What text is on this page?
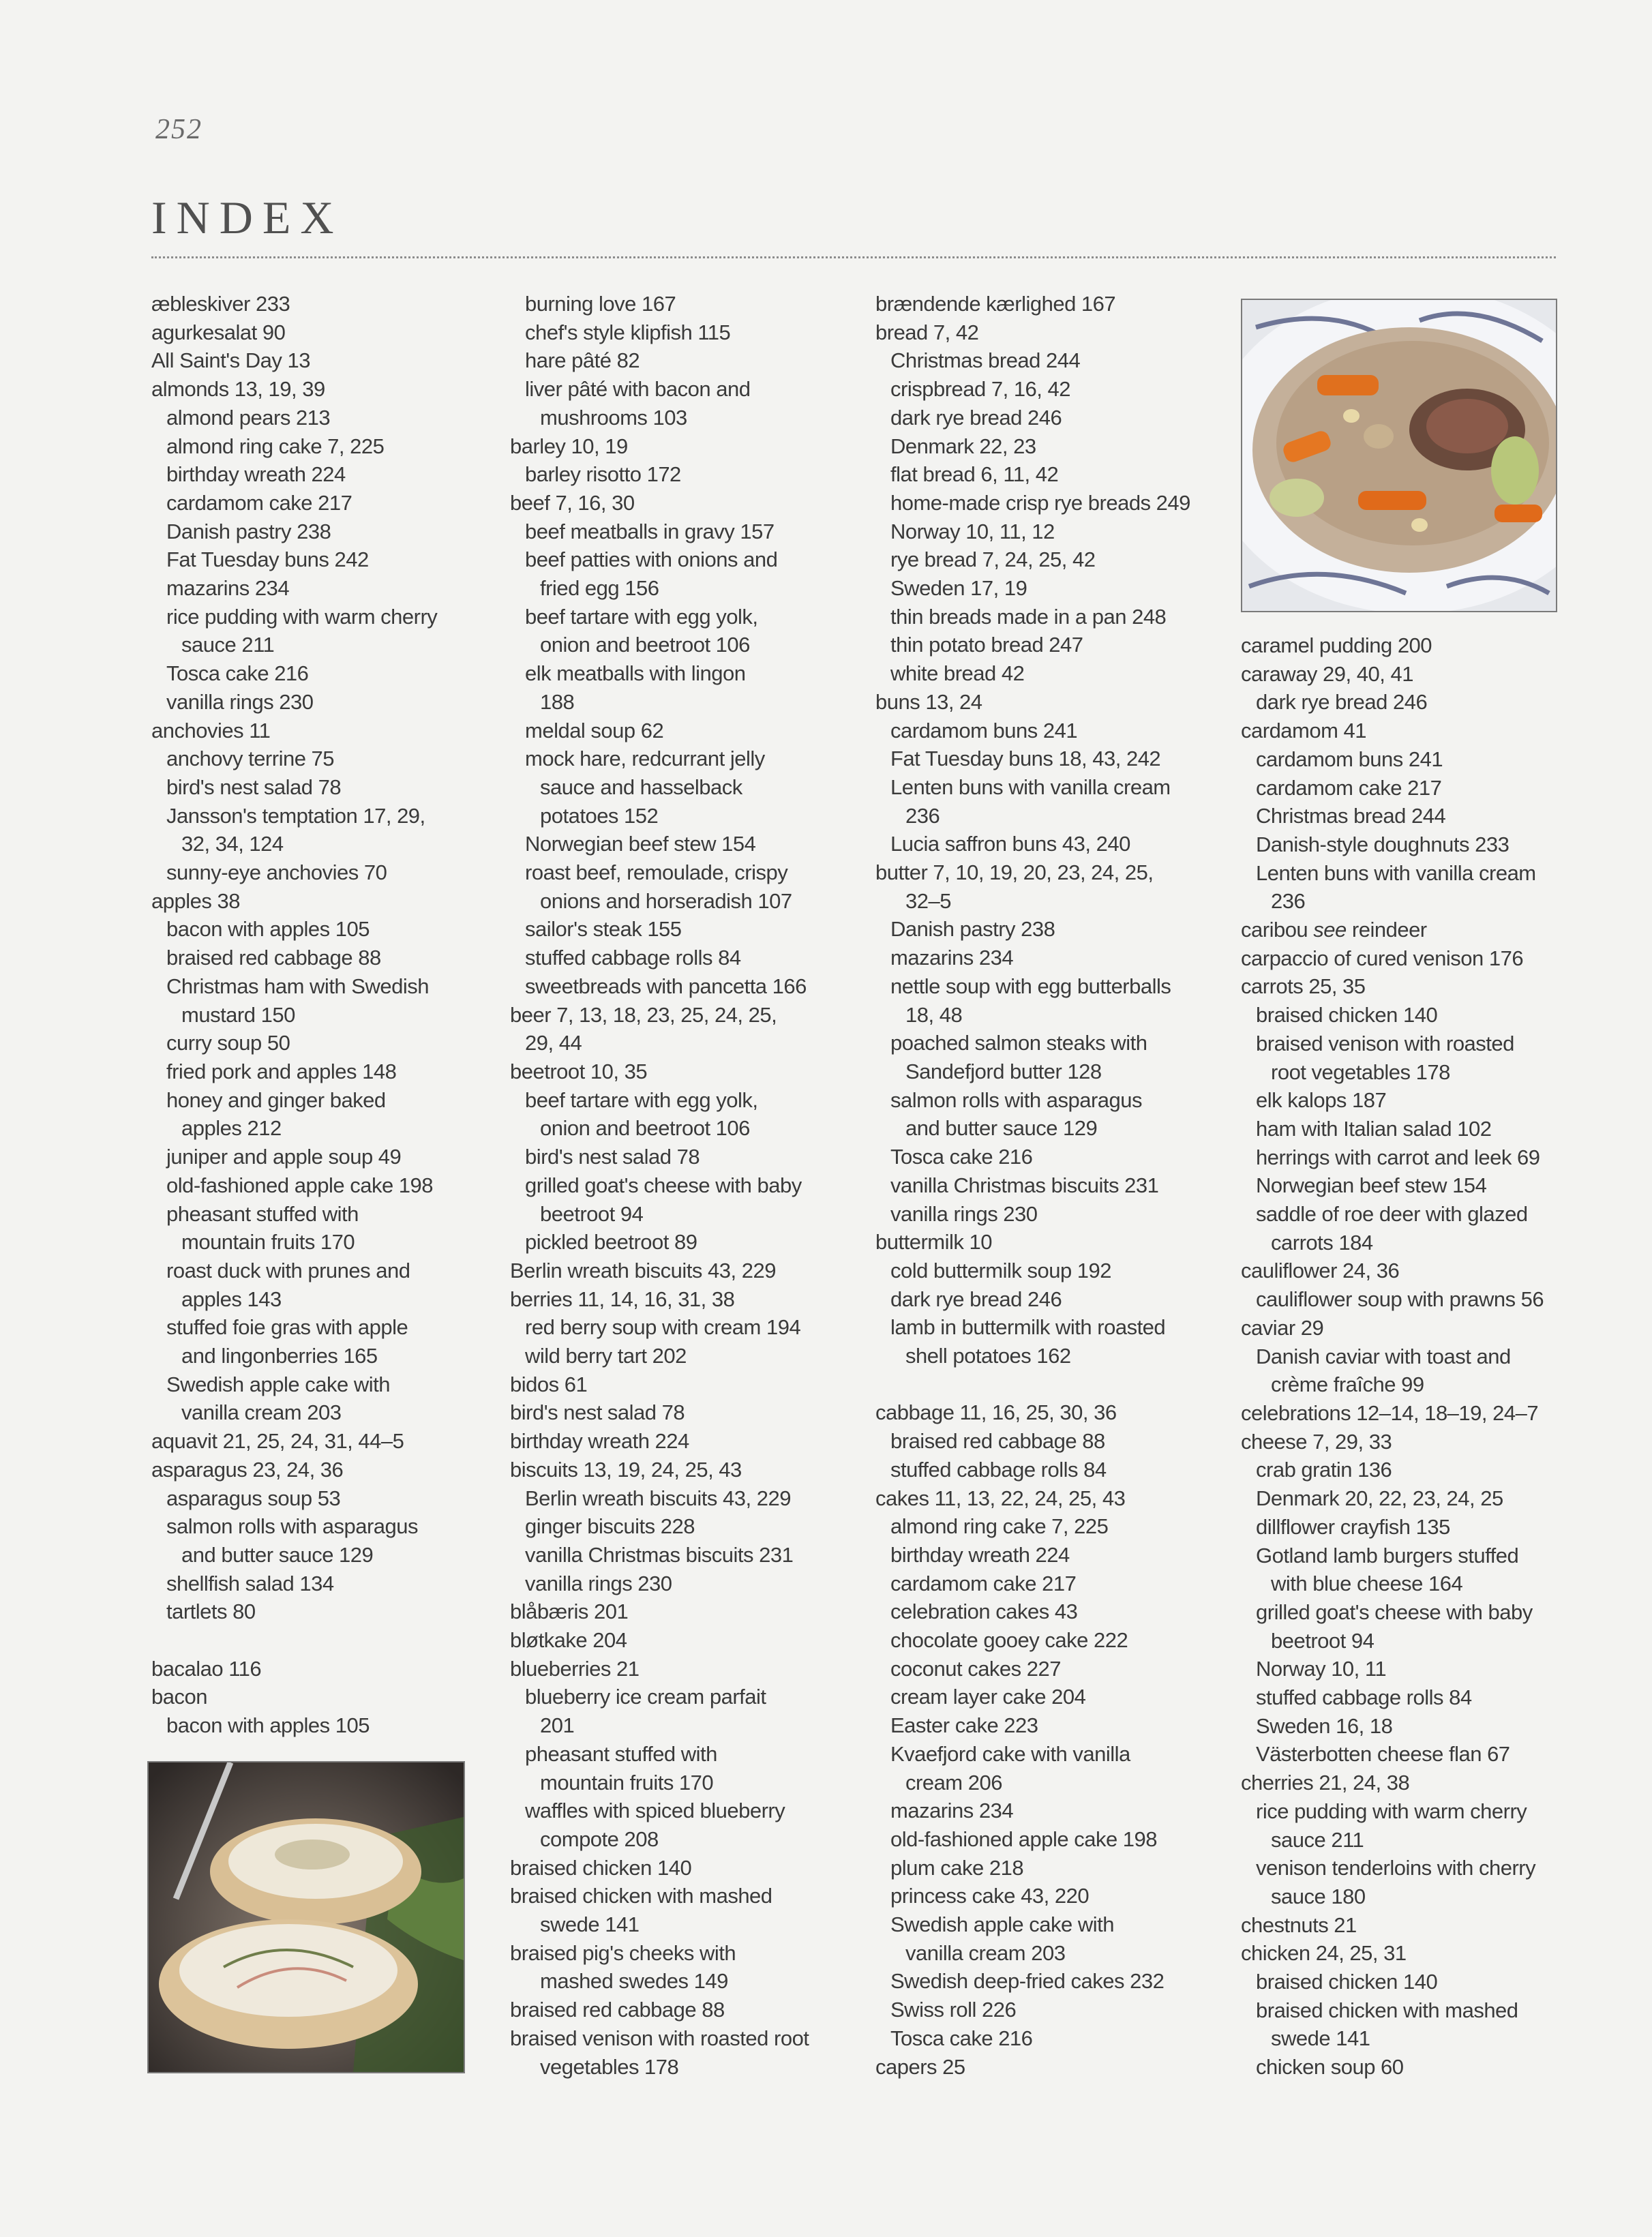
252
INDEX
æbleskiver 233
agurkesalat 90
All Saint's Day 13
almonds 13, 19, 39
almond pears 213
almond ring cake 7, 225
birthday wreath 224
cardamom cake 217
Danish pastry 238
Fat Tuesday buns 242
mazarins 234
rice pudding with warm cherry
sauce 211
Tosca cake 216
vanilla rings 230
anchovies 11
anchovy terrine 75
bird's nest salad 78
Jansson's temptation 17, 29,
32, 34, 124
sunny-eye anchovies 70
apples 38
bacon with apples 105
braised red cabbage 88
Christmas ham with Swedish
mustard 150
curry soup 50
fried pork and apples 148
honey and ginger baked
apples 212
juniper and apple soup 49
old-fashioned apple cake 198
pheasant stuffed with
mountain fruits 170
roast duck with prunes and
apples 143
stuffed foie gras with apple
and lingonberries 165
Swedish apple cake with
vanilla cream 203
aquavit 21, 25, 24, 31, 44–5
asparagus 23, 24, 36
asparagus soup 53
salmon rolls with asparagus
and butter sauce 129
shellfish salad 134
tartlets 80
bacalao 116
bacon
bacon with apples 105
burning love 167
chef's style klipfish 115
hare pâté 82
liver pâté with bacon and
mushrooms 103
barley 10, 19
barley risotto 172
beef 7, 16, 30
beef meatballs in gravy 157
beef patties with onions and
fried egg 156
beef tartare with egg yolk,
onion and beetroot 106
elk meatballs with lingon
188
meldal soup 62
mock hare, redcurrant jelly
sauce and hasselback
potatoes 152
Norwegian beef stew 154
roast beef, remoulade, crispy
onions and horseradish 107
sailor's steak 155
stuffed cabbage rolls 84
sweetbreads with pancetta 166
beer 7, 13, 18, 23, 25, 24, 25,
29, 44
beetroot 10, 35
beef tartare with egg yolk,
onion and beetroot 106
bird's nest salad 78
grilled goat's cheese with baby
beetroot 94
pickled beetroot 89
Berlin wreath biscuits 43, 229
berries 11, 14, 16, 31, 38
red berry soup with cream 194
wild berry tart 202
bidos 61
bird's nest salad 78
birthday wreath 224
biscuits 13, 19, 24, 25, 43
Berlin wreath biscuits 43, 229
ginger biscuits 228
vanilla Christmas biscuits 231
vanilla rings 230
blåbæris 201
bløtkake 204
blueberries 21
blueberry ice cream parfait
201
pheasant stuffed with
mountain fruits 170
waffles with spiced blueberry
compote 208
braised chicken 140
braised chicken with mashed
swede 141
braised pig's cheeks with
mashed swedes 149
braised red cabbage 88
braised venison with roasted root
vegetables 178
brændende kærlighed 167
bread 7, 42
Christmas bread 244
crispbread 7, 16, 42
dark rye bread 246
Denmark 22, 23
flat bread 6, 11, 42
home-made crisp rye breads 249
Norway 10, 11, 12
rye bread 7, 24, 25, 42
Sweden 17, 19
thin breads made in a pan 248
thin potato bread 247
white bread 42
buns 13, 24
cardamom buns 241
Fat Tuesday buns 18, 43, 242
Lenten buns with vanilla cream
236
Lucia saffron buns 43, 240
butter 7, 10, 19, 20, 23, 24, 25,
32–5
Danish pastry 238
mazarins 234
nettle soup with egg butterballs
18, 48
poached salmon steaks with
Sandefjord butter 128
salmon rolls with asparagus
and butter sauce 129
Tosca cake 216
vanilla Christmas biscuits 231
vanilla rings 230
buttermilk 10
cold buttermilk soup 192
dark rye bread 246
lamb in buttermilk with roasted
shell potatoes 162
cabbage 11, 16, 25, 30, 36
braised red cabbage 88
stuffed cabbage rolls 84
cakes 11, 13, 22, 24, 25, 43
almond ring cake 7, 225
birthday wreath 224
cardamom cake 217
celebration cakes 43
chocolate gooey cake 222
coconut cakes 227
cream layer cake 204
Easter cake 223
Kvaefjord cake with vanilla
cream 206
mazarins 234
old-fashioned apple cake 198
plum cake 218
princess cake 43, 220
Swedish apple cake with
vanilla cream 203
Swedish deep-fried cakes 232
Swiss roll 226
Tosca cake 216
capers 25
caramel pudding 200
caraway 29, 40, 41
dark rye bread 246
cardamom 41
cardamom buns 241
cardamom cake 217
Christmas bread 244
Danish-style doughnuts 233
Lenten buns with vanilla cream
236
caribou see reindeer
carpaccio of cured venison 176
carrots 25, 35
braised chicken 140
braised venison with roasted
root vegetables 178
elk kalops 187
ham with Italian salad 102
herrings with carrot and leek 69
Norwegian beef stew 154
saddle of roe deer with glazed
carrots 184
cauliflower 24, 36
cauliflower soup with prawns 56
caviar 29
Danish caviar with toast and
crème fraîche 99
celebrations 12–14, 18–19, 24–7
cheese 7, 29, 33
crab gratin 136
Denmark 20, 22, 23, 24, 25
dillflower crayfish 135
Gotland lamb burgers stuffed
with blue cheese 164
grilled goat's cheese with baby
beetroot 94
Norway 10, 11
stuffed cabbage rolls 84
Sweden 16, 18
Västerbotten cheese flan 67
cherries 21, 24, 38
rice pudding with warm cherry
sauce 211
venison tenderloins with cherry
sauce 180
chestnuts 21
chicken 24, 25, 31
braised chicken 140
braised chicken with mashed
swede 141
chicken soup 60
